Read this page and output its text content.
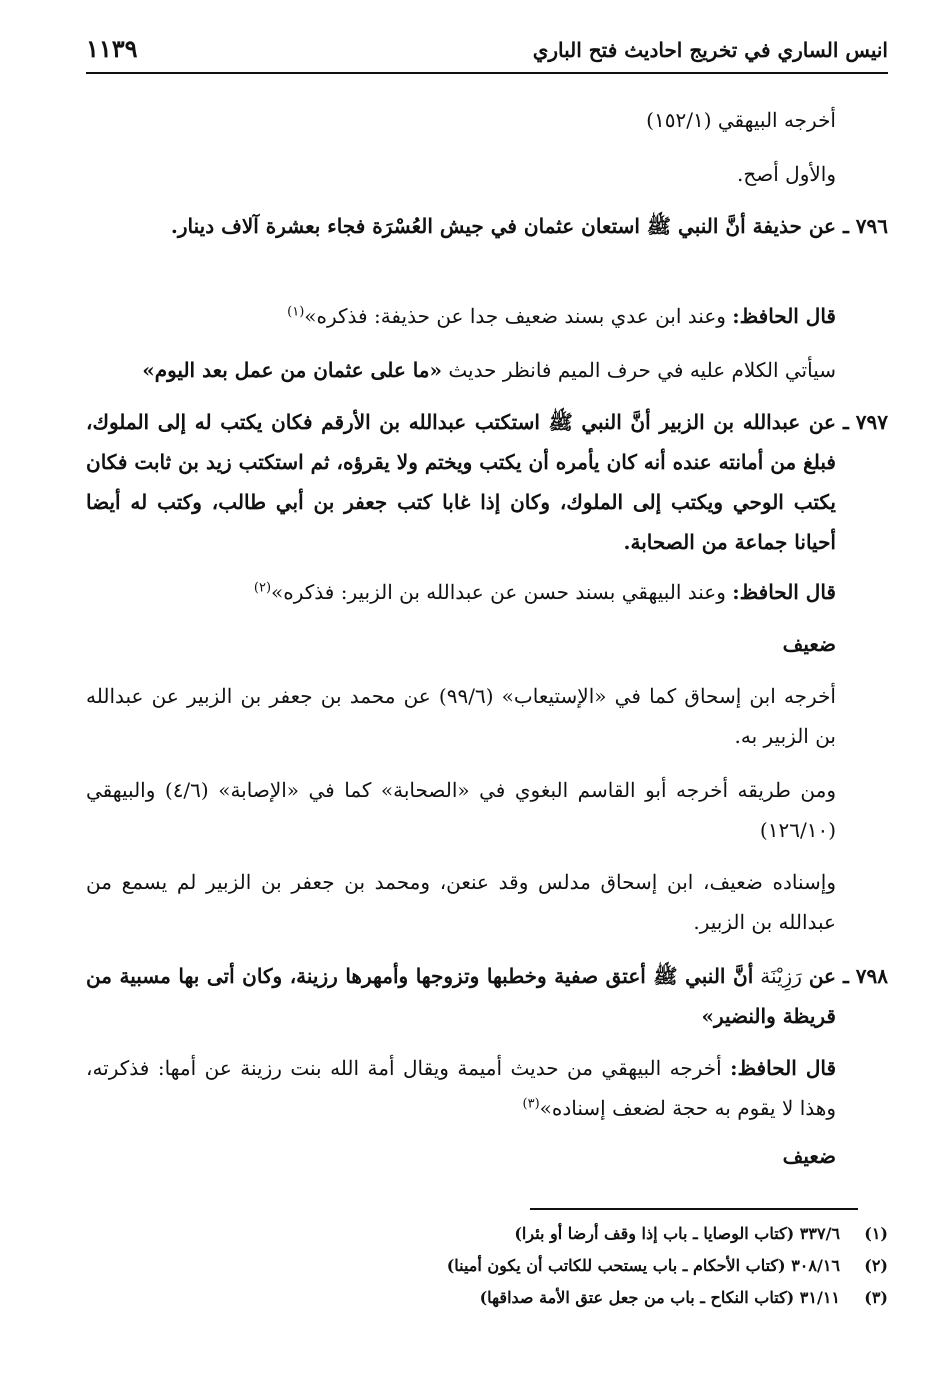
انيس الساري في تخريج احاديث فتح الباري
١١٣٩
أخرجه البيهقي (١٥٢/١)
والأول أصح.
٧٩٦ ـ
عن حذيفة أنَّ النبي ﷺ استعان عثمان في جيش العُسْرَة فجاء بعشرة آلاف دينار.
قال الحافظ: وعند ابن عدي بسند ضعيف جدا عن حذيفة: فذكره»$^{(١)}$
سيأتي الكلام عليه في حرف الميم فانظر حديث «ما على عثمان من عمل بعد اليوم»
٧٩٧ ـ
عن عبدالله بن الزبير أنَّ النبي ﷺ استكتب عبدالله بن الأرقم فكان يكتب له إلى الملوك، فبلغ من أمانته عنده أنه كان يأمره أن يكتب ويختم ولا يقرؤه، ثم استكتب زيد بن ثابت فكان يكتب الوحي ويكتب إلى الملوك، وكان إذا غابا كتب جعفر بن أبي طالب، وكتب له أيضا أحيانا جماعة من الصحابة.
قال الحافظ: وعند البيهقي بسند حسن عن عبدالله بن الزبير: فذكره»$^{(٢)}$
ضعيف
أخرجه ابن إسحاق كما في «الإستيعاب» (٩٩/٦) عن محمد بن جعفر بن الزبير عن عبدالله بن الزبير به.
ومن طريقه أخرجه أبو القاسم البغوي في «الصحابة» كما في «الإصابة» (٤/٦) والبيهقي (١٢٦/١٠)
وإسناده ضعيف، ابن إسحاق مدلس وقد عنعن، ومحمد بن جعفر بن الزبير لم يسمع من عبدالله بن الزبير.
٧٩٨ ـ
عن رَزِيْنَة أنَّ النبي ﷺ أعتق صفية وخطبها وتزوجها وأمهرها رزينة، وكان أتى بها مسبية من قريظة والنضير»
قال الحافظ: أخرجه البيهقي من حديث أميمة ويقال أمة الله بنت رزينة عن أمها: فذكرته، وهذا لا يقوم به حجة لضعف إسناده»$^{(٣)}$
ضعيف
(١)
٣٣٧/٦ (كتاب الوصايا ـ باب إذا وقف أرضا أو بئرا)
(٢)
٣٠٨/١٦ (كتاب الأحكام ـ باب يستحب للكاتب أن يكون أمينا)
(٣)
٣١/١١ (كتاب النكاح ـ باب من جعل عتق الأمة صداقها)
